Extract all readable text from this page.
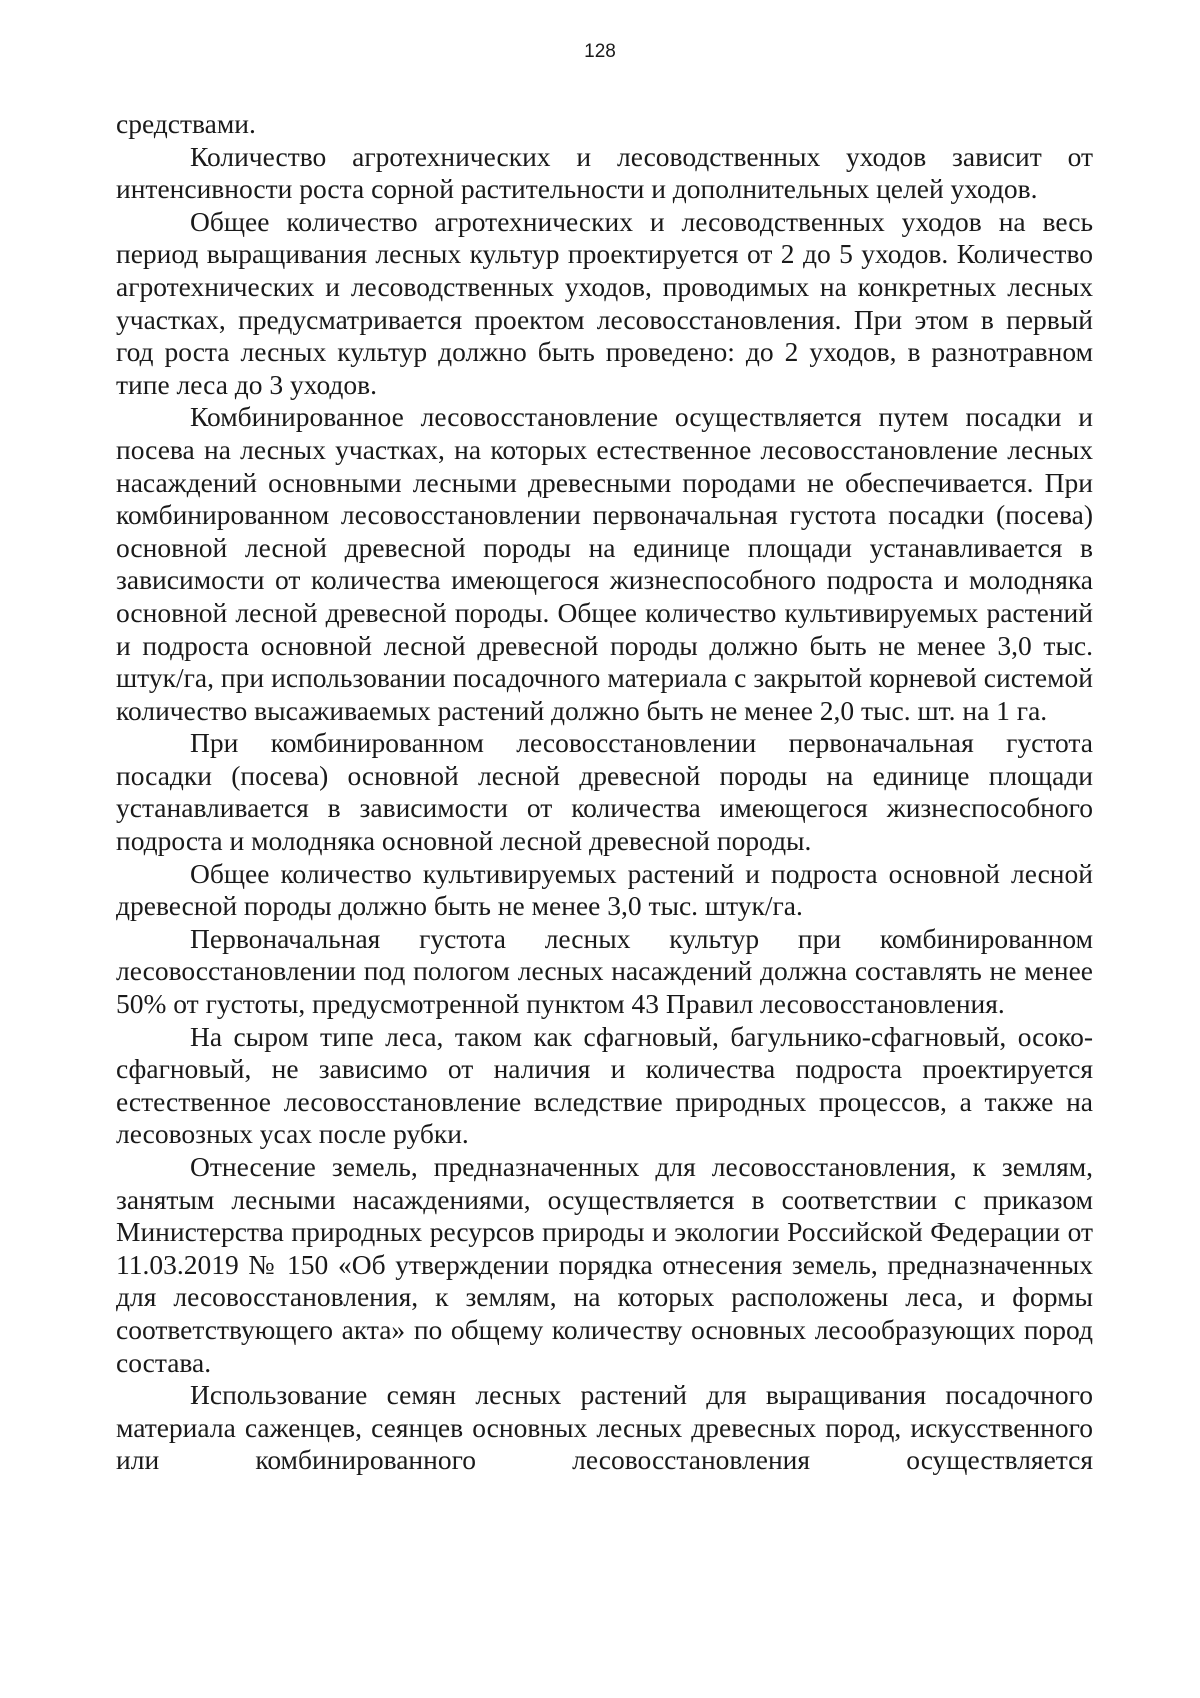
128

средствами.

Количество агротехнических и лесоводственных уходов зависит от интенсивности роста сорной растительности и дополнительных целей уходов.

Общее количество агротехнических и лесоводственных уходов на весь период выращивания лесных культур проектируется от 2 до 5 уходов. Количество агротехнических и лесоводственных уходов, проводимых на конкретных лесных участках, предусматривается проектом лесовосстановления. При этом в первый год роста лесных культур должно быть проведено: до 2 уходов, в разнотравном типе леса до 3 уходов.

Комбинированное лесовосстановление осуществляется путем посадки и посева на лесных участках, на которых естественное лесовосстановление лесных насаждений основными лесными древесными породами не обеспечивается. При комбинированном лесовосстановлении первоначальная густота посадки (посева) основной лесной древесной породы на единице площади устанавливается в зависимости от количества имеющегося жизнеспособного подроста и молодняка основной лесной древесной породы. Общее количество культивируемых растений и подроста основной лесной древесной породы должно быть не менее 3,0 тыс. штук/га, при использовании посадочного материала с закрытой корневой системой количество высаживаемых растений должно быть не менее 2,0 тыс. шт. на 1 га.

При комбинированном лесовосстановлении первоначальная густота посадки (посева) основной лесной древесной породы на единице площади устанавливается в зависимости от количества имеющегося жизнеспособного подроста и молодняка основной лесной древесной породы.

Общее количество культивируемых растений и подроста основной лесной древесной породы должно быть не менее 3,0 тыс. штук/га.

Первоначальная густота лесных культур при комбинированном лесовосстановлении под пологом лесных насаждений должна составлять не менее 50% от густоты, предусмотренной пунктом 43 Правил лесовосстановления.

На сыром типе леса, таком как сфагновый, багульнико-сфагновый, осоко-сфагновый, не зависимо от наличия и количества подроста проектируется естественное лесовосстановление вследствие природных процессов, а также на лесовозных усах после рубки.

Отнесение земель, предназначенных для лесовосстановления, к землям, занятым лесными насаждениями, осуществляется в соответствии с приказом Министерства природных ресурсов природы и экологии Российской Федерации от 11.03.2019 № 150 «Об утверждении порядка отнесения земель, предназначенных для лесовосстановления, к землям, на которых расположены леса, и формы соответствующего акта» по общему количеству основных лесообразующих пород состава.

Использование семян лесных растений для выращивания посадочного материала саженцев, сеянцев основных лесных древесных пород, искусственного или комбинированного лесовосстановления осуществляется
